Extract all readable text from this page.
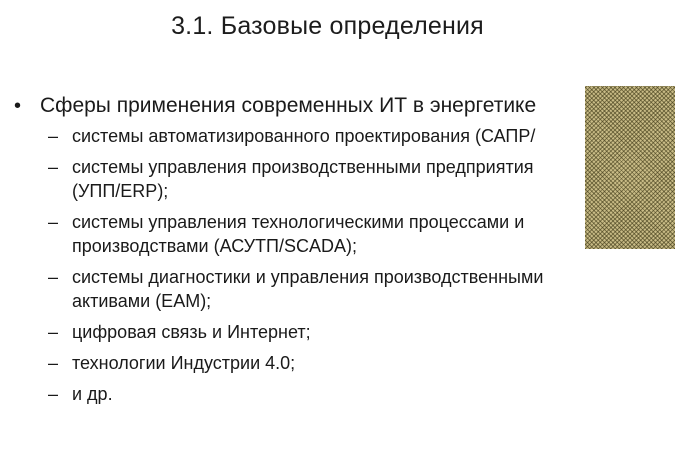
3.1. Базовые определения
• Сферы применения современных ИТ в энергетике
– системы автоматизированного проектирования (САПР/
– системы управления производственными предприятия (УПП/ERP);
– системы управления технологическими процессами и производствами (АСУТП/SCADA);
– системы диагностики и управления производственными активами (EAM);
– цифровая связь и Интернет;
– технологии Индустрии 4.0;
– и др.
